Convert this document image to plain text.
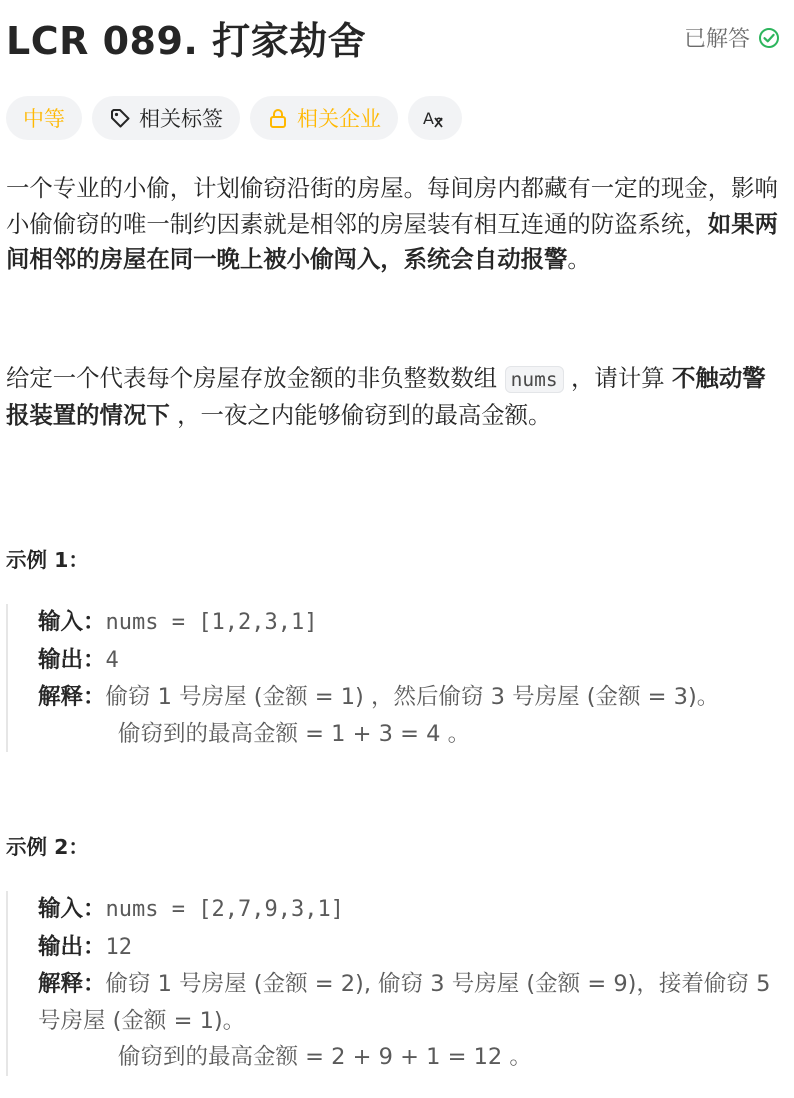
LCR 089. 打家劫舍	已解答
中等	相关标签	相关企业	A

一个专业的小偷，计划偷窃沿街的房屋。每间房内都藏有一定的现金，影响小偷偷窃的唯一制约因素就是相邻的房屋装有相互连通的防盗系统，如果两间相邻的房屋在同一晚上被小偷闯入，系统会自动报警。

给定一个代表每个房屋存放金额的非负整数数组 nums ，请计算 不触动警报装置的情况下 ，一夜之内能够偷窃到的最高金额。

示例 1：
输入：nums = [1,2,3,1]
输出：4
解释：偷窃 1 号房屋 (金额 = 1) ，然后偷窃 3 号房屋 (金额 = 3)。
偷窃到的最高金额 = 1 + 3 = 4 。
示例 2：
输入：nums = [2,7,9,3,1]
输出：12
解释：偷窃 1 号房屋 (金额 = 2), 偷窃 3 号房屋 (金额 = 9)，接着偷窃 5 号房屋 (金额 = 1)。
偷窃到的最高金额 = 2 + 9 + 1 = 12 。
